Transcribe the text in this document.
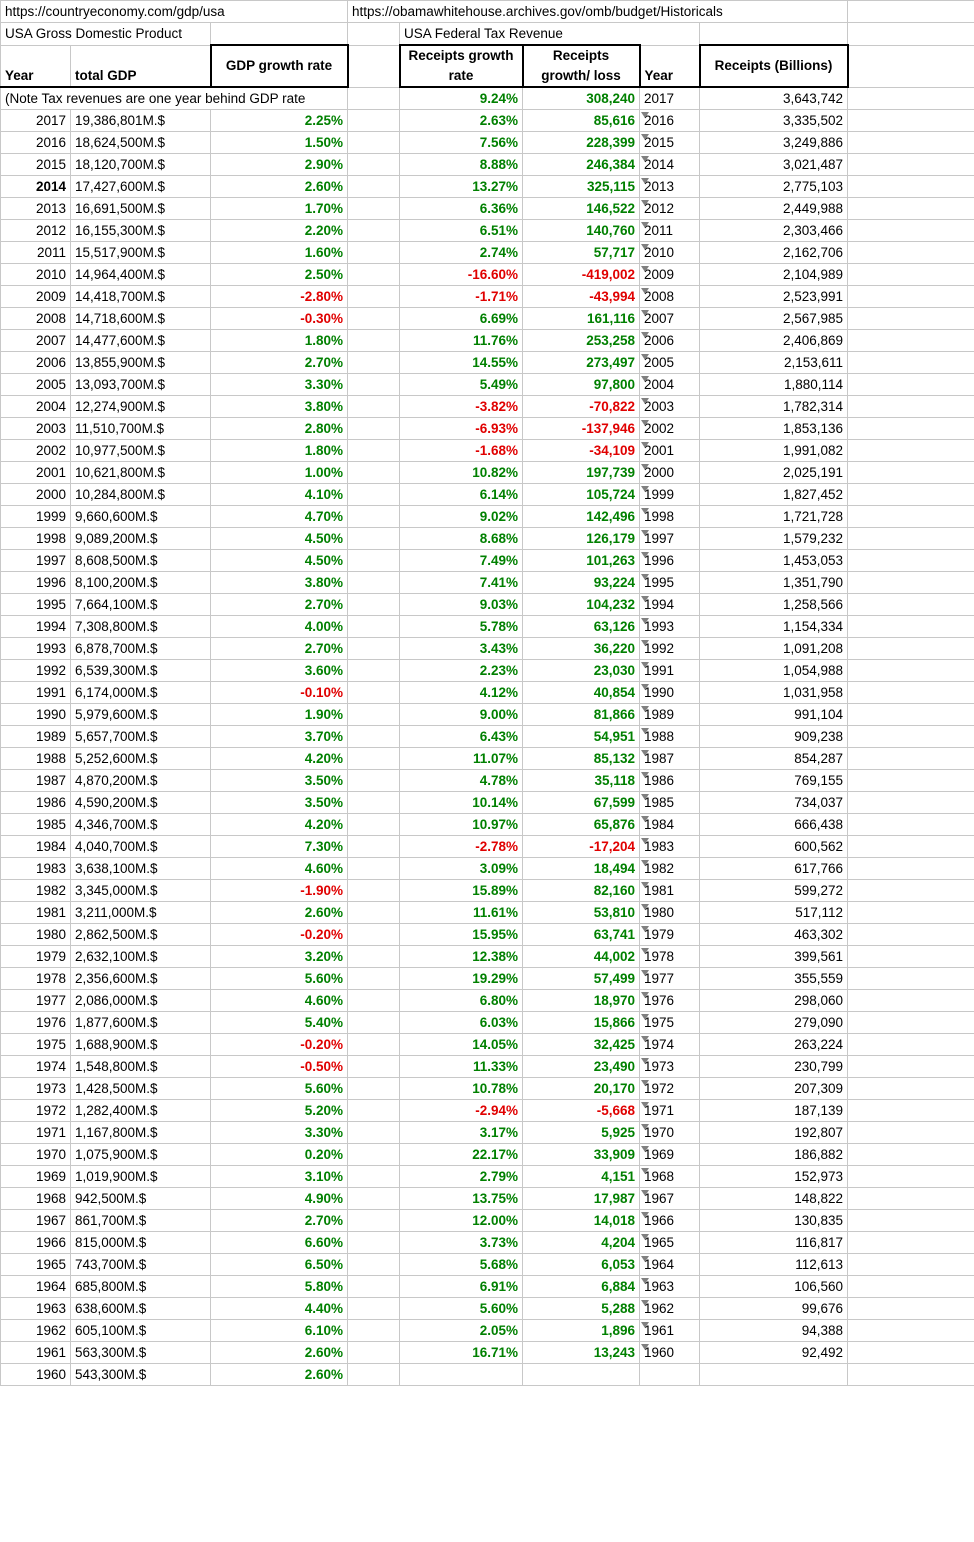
https://countryeconomy.com/gdp/usa			https://obamawhitehouse.archives.gov/omb/budget/Historicals					
USA Gross Domestic Product				USA Federal Tax Revenue				
Year	total GDP	GDP growth rate		Receipts growth rate	Receipts growth/ loss	Year	Receipts (Billions)	
(Note Tax revenues are one year behind GDP rate				9.24%	308,240	2017	3,643,742	
2017	19,386,801M.$	2.25%		2.63%	85,616	2016	3,335,502	
2016	18,624,500M.$	1.50%		7.56%	228,399	2015	3,249,886	
2015	18,120,700M.$	2.90%		8.88%	246,384	2014	3,021,487	
2014	17,427,600M.$	2.60%		13.27%	325,115	2013	2,775,103	
2013	16,691,500M.$	1.70%		6.36%	146,522	2012	2,449,988	
2012	16,155,300M.$	2.20%		6.51%	140,760	2011	2,303,466	
2011	15,517,900M.$	1.60%		2.74%	57,717	2010	2,162,706	
2010	14,964,400M.$	2.50%		-16.60%	-419,002	2009	2,104,989	
2009	14,418,700M.$	-2.80%		-1.71%	-43,994	2008	2,523,991	
2008	14,718,600M.$	-0.30%		6.69%	161,116	2007	2,567,985	
2007	14,477,600M.$	1.80%		11.76%	253,258	2006	2,406,869	
2006	13,855,900M.$	2.70%		14.55%	273,497	2005	2,153,611	
2005	13,093,700M.$	3.30%		5.49%	97,800	2004	1,880,114	
2004	12,274,900M.$	3.80%		-3.82%	-70,822	2003	1,782,314	
2003	11,510,700M.$	2.80%		-6.93%	-137,946	2002	1,853,136	
2002	10,977,500M.$	1.80%		-1.68%	-34,109	2001	1,991,082	
2001	10,621,800M.$	1.00%		10.82%	197,739	2000	2,025,191	
2000	10,284,800M.$	4.10%		6.14%	105,724	1999	1,827,452	
1999	9,660,600M.$	4.70%		9.02%	142,496	1998	1,721,728	
1998	9,089,200M.$	4.50%		8.68%	126,179	1997	1,579,232	
1997	8,608,500M.$	4.50%		7.49%	101,263	1996	1,453,053	
1996	8,100,200M.$	3.80%		7.41%	93,224	1995	1,351,790	
1995	7,664,100M.$	2.70%		9.03%	104,232	1994	1,258,566	
1994	7,308,800M.$	4.00%		5.78%	63,126	1993	1,154,334	
1993	6,878,700M.$	2.70%		3.43%	36,220	1992	1,091,208	
1992	6,539,300M.$	3.60%		2.23%	23,030	1991	1,054,988	
1991	6,174,000M.$	-0.10%		4.12%	40,854	1990	1,031,958	
1990	5,979,600M.$	1.90%		9.00%	81,866	1989	991,104	
1989	5,657,700M.$	3.70%		6.43%	54,951	1988	909,238	
1988	5,252,600M.$	4.20%		11.07%	85,132	1987	854,287	
1987	4,870,200M.$	3.50%		4.78%	35,118	1986	769,155	
1986	4,590,200M.$	3.50%		10.14%	67,599	1985	734,037	
1985	4,346,700M.$	4.20%		10.97%	65,876	1984	666,438	
1984	4,040,700M.$	7.30%		-2.78%	-17,204	1983	600,562	
1983	3,638,100M.$	4.60%		3.09%	18,494	1982	617,766	
1982	3,345,000M.$	-1.90%		15.89%	82,160	1981	599,272	
1981	3,211,000M.$	2.60%		11.61%	53,810	1980	517,112	
1980	2,862,500M.$	-0.20%		15.95%	63,741	1979	463,302	
1979	2,632,100M.$	3.20%		12.38%	44,002	1978	399,561	
1978	2,356,600M.$	5.60%		19.29%	57,499	1977	355,559	
1977	2,086,000M.$	4.60%		6.80%	18,970	1976	298,060	
1976	1,877,600M.$	5.40%		6.03%	15,866	1975	279,090	
1975	1,688,900M.$	-0.20%		14.05%	32,425	1974	263,224	
1974	1,548,800M.$	-0.50%		11.33%	23,490	1973	230,799	
1973	1,428,500M.$	5.60%		10.78%	20,170	1972	207,309	
1972	1,282,400M.$	5.20%		-2.94%	-5,668	1971	187,139	
1971	1,167,800M.$	3.30%		3.17%	5,925	1970	192,807	
1970	1,075,900M.$	0.20%		22.17%	33,909	1969	186,882	
1969	1,019,900M.$	3.10%		2.79%	4,151	1968	152,973	
1968	942,500M.$	4.90%		13.75%	17,987	1967	148,822	
1967	861,700M.$	2.70%		12.00%	14,018	1966	130,835	
1966	815,000M.$	6.60%		3.73%	4,204	1965	116,817	
1965	743,700M.$	6.50%		5.68%	6,053	1964	112,613	
1964	685,800M.$	5.80%		6.91%	6,884	1963	106,560	
1963	638,600M.$	4.40%		5.60%	5,288	1962	99,676	
1962	605,100M.$	6.10%		2.05%	1,896	1961	94,388	
1961	563,300M.$	2.60%		16.71%	13,243	1960	92,492	
1960	543,300M.$	2.60%						
